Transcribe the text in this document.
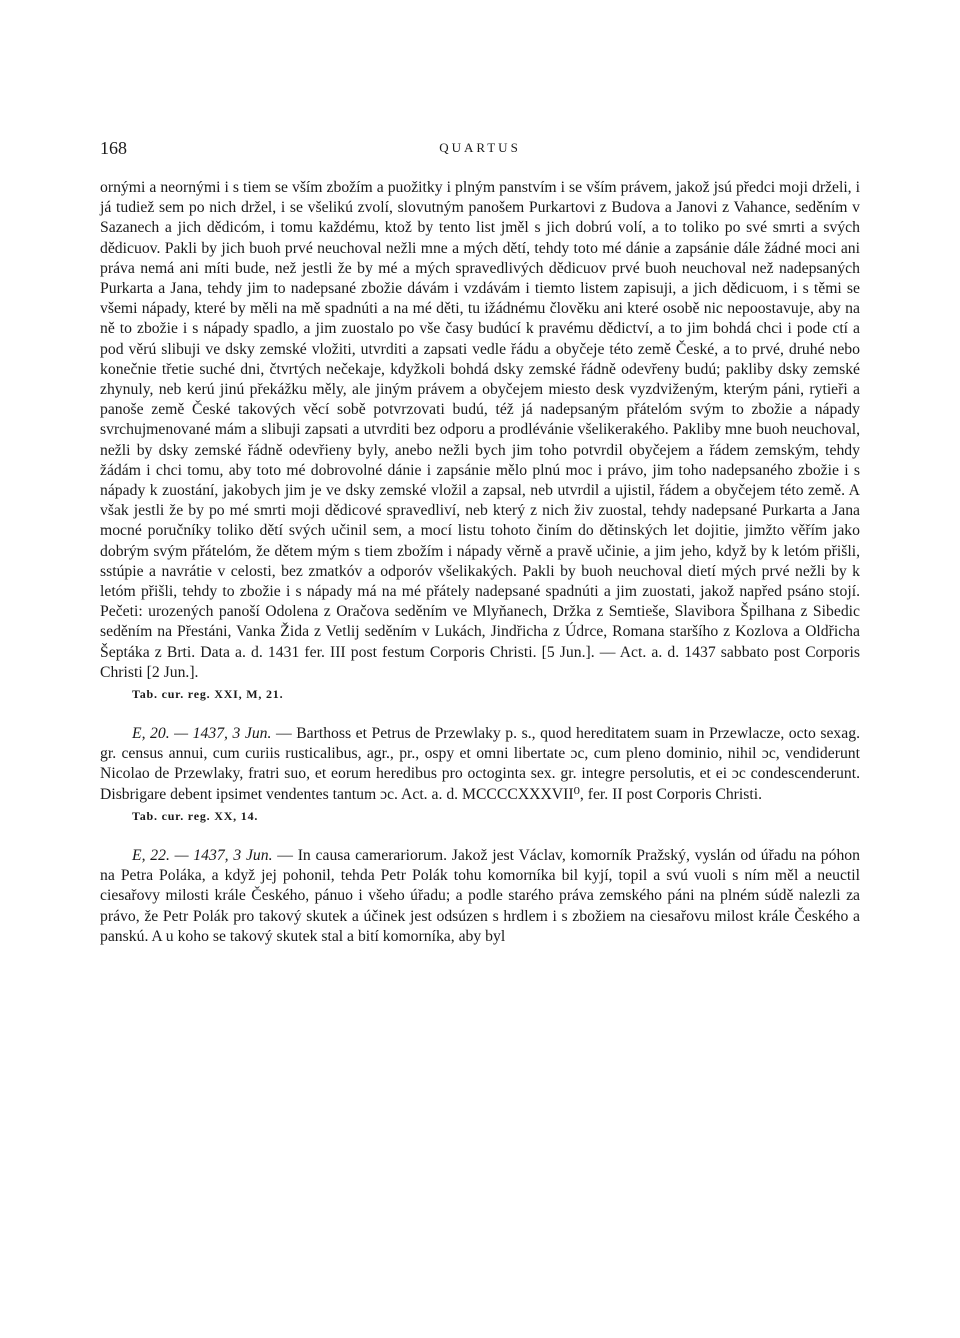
168	QUARTUS

ornými a neornými i s tiem se vším zbožím a puožitky i plným panstvím i se vším právem, jakož jsú předci moji drželi, i já tudiež sem po nich držel, i se všelikú zvolí, slovutným panošem Purkartovi z Budova a Janovi z Vahance, seděním v Sazanech a jich dědicóm, i tomu každému, ktož by tento list jměl s jich dobrú volí, a to toliko po své smrti a svých dědicuov. Pakli by jich buoh prvé neuchoval nežli mne a mých dětí, tehdy toto mé dánie a zapsánie dále žádné moci ani práva nemá ani míti bude, než jestli že by mé a mých spravedlivých dědicuov prvé buoh neuchoval než nadepsaných Purkarta a Jana, tehdy jim to nadepsané zbožie dávám i vzdávám i tiemto listem zapisuji, a jich dědicuom, i s těmi se všemi nápady, které by měli na mě spadnúti a na mé děti, tu ižádnému člověku ani které osobě nic nepoostavuje, aby na ně to zbožie i s nápady spadlo, a jim zuostalo po vše časy budúcí k pravému dědictví, a to jim bohdá chci i pode ctí a pod věrú slibuji ve dsky zemské vložiti, utvrditi a zapsati vedle řádu a obyčeje této země České, a to prvé, druhé nebo konečnie třetie suché dni, čtvrtých nečekaje, kdyžkoli bohdá dsky zemské řádně odevřeny budú; pakliby dsky zemské zhynuly, neb kerú jinú překážku měly, ale jiným právem a obyčejem miesto desk vyzdviženým, kterým páni, rytieři a panoše země České takových věcí sobě potvrzovati budú, též já nadepsaným přátelóm svým to zbožie a nápady svrchujmenované mám a slibuji zapsati a utvrditi bez odporu a prodlévánie všelikerakého. Pakliby mne buoh neuchoval, nežli by dsky zemské řádně odevřieny byly, anebo nežli bych jim toho potvrdil obyčejem a řádem zemským, tehdy žádám i chci tomu, aby toto mé dobrovolné dánie i zapsánie mělo plnú moc i právo, jim toho nadepsaného zbožie i s nápady k zuostání, jakobych jim je ve dsky zemské vložil a zapsal, neb utvrdil a ujistil, řádem a obyčejem této země. A však jestli že by po mé smrti moji dědicové spravedliví, neb který z nich živ zuostal, tehdy nadepsané Purkarta a Jana mocné poručníky toliko dětí svých učinil sem, a mocí listu tohoto činím do dětinských let dojitie, jimžto věřím jako dobrým svým přátelóm, že dětem mým s tiem zbožím i nápady věrně a pravě učinie, a jim jeho, když by k letóm přišli, sstúpie a navrátie v celosti, bez zmatkóv a odporóv všelikakých. Pakli by buoh neuchoval dietí mých prvé nežli by k letóm přišli, tehdy to zbožie i s nápady má na mé přátely nadepsané spadnúti a jim zuostati, jakož napřed psáno stojí. Pečeti: urozených panoší Odolena z Oračova seděním ve Mlyňanech, Držka z Semtieše, Slavibora Špilhana z Sibedic seděním na Přestáni, Vanka Žida z Vetlij seděním v Lukách, Jindřicha z Údrce, Romana staršího z Kozlova a Oldřicha Šeptáka z Brti. Data a. d. 1431 fer. III post festum Corporis Christi. [5 Jun.]. — Act. a. d. 1437 sabbato post Corporis Christi [2 Jun.].

Tab. cur. reg. XXI, M, 21.

E, 20. — 1437, 3 Jun. — Barthoss et Petrus de Przewlaky p. s., quod hereditatem suam in Przewlacze, octo sexag. gr. census annui, cum curiis rusticalibus, agr., pr., ospy et omni libertate ɔc, cum pleno dominio, nihil ɔc, vendiderunt Nicolao de Przewlaky, fratri suo, et eorum heredibus pro octoginta sex. gr. integre persolutis, et ei ɔc condescenderunt. Disbrigare debent ipsimet vendentes tantum ɔc. Act. a. d. MCCCCXXXVII⁰, fer. II post Corporis Christi.

Tab. cur. reg. XX, 14.

E, 22. — 1437, 3 Jun. — In causa camerariorum. Jakož jest Václav, komorník Pražský, vyslán od úřadu na póhon na Petra Poláka, a když jej pohonil, tehda Petr Polák tohu komorníka bil kyjí, topil a svú vuoli s ním měl a neuctil ciesařovy milosti krále Českého, pánuo i všeho úřadu; a podle starého práva zemského páni na plném súdě nalezli za právo, že Petr Polák pro takový skutek a účinek jest odsúzen s hrdlem i s zbožiem na ciesařovu milost krále Českého a panskú. A u koho se takový skutek stal a bití komorníka, aby byl
